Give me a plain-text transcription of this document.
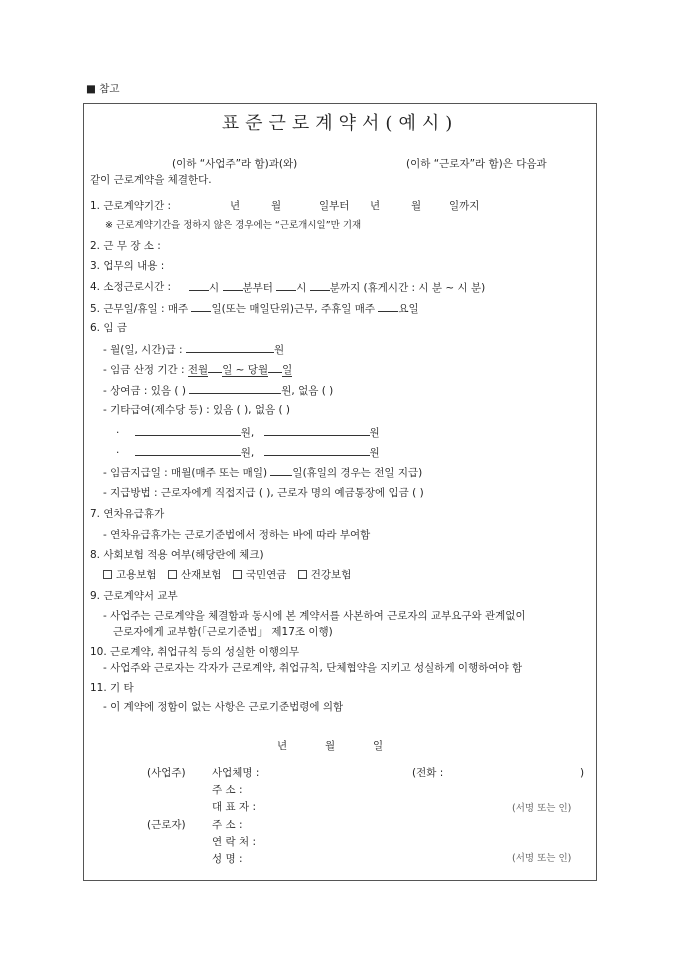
■ 참고
표준근로계약서(예시)
(이하 “사업주”라 함)과(와)	(이하 “근로자”라 함)은 다음과
같이 근로계약을 체결한다.
1. 근로계약기간 :	년	월	일부터 년	월	일까지
※ 근로계약기간을 정하지 않은 경우에는 “근로개시일”만 기재
2. 근 무 장 소 :
3. 업무의 내용 :
4. 소정근로시간 :	시 분부터 시 분까지 (휴게시간 : 시 분 ~ 시 분)
5. 근무일/휴일 : 매주 일(또는 매일단위)근무, 주휴일 매주 요일
6. 임 금
- 월(일, 시간)급 :	원
- 임금 산정 기간 : 전월 일 ~ 당월 일
- 상여금 : 있음 ( )	원, 없음 ( )
- 기타급여(제수당 등) : 있음 ( ), 없음 ( )
·	원,	원
·	원,	원
- 임금지급일 : 매월(매주 또는 매일) 일(휴일의 경우는 전일 지급)
- 지급방법 : 근로자에게 직접지급 ( ), 근로자 명의 예금통장에 입금 ( )
7. 연차유급휴가
- 연차유급휴가는 근로기준법에서 정하는 바에 따라 부여함
8. 사회보험 적용 여부(해당란에 체크)
고용보험 산재보험 국민연금 건강보험
9. 근로계약서 교부
- 사업주는 근로계약을 체결함과 동시에 본 계약서를 사본하여 근로자의 교부요구와 관계없이
근로자에게 교부함(「근로기준법」 제17조 이행)
10. 근로계약, 취업규칙 등의 성실한 이행의무
- 사업주와 근로자는 각자가 근로계약, 취업규칙, 단체협약을 지키고 성실하게 이행하여야 함
11. 기 타
- 이 계약에 정함이 없는 사항은 근로기준법령에 의함
년	월	일
(사업주)	사업체명 :	(전화 :	)
주 소 :
대 표 자 :	(서명 또는 인)
(근로자)	주 소 :
연 락 처 :
성 명 :	(서명 또는 인)
